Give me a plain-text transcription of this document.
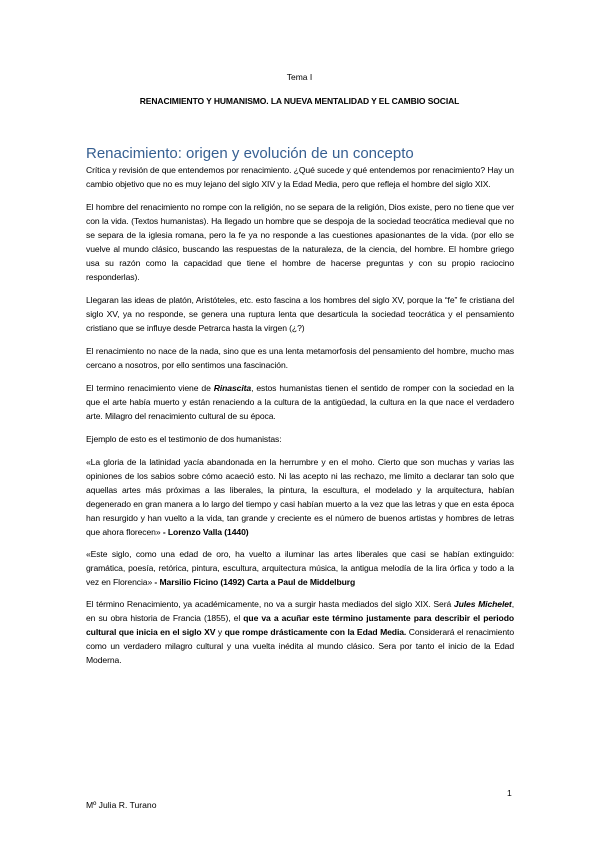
Tema I
RENACIMIENTO Y HUMANISMO. LA NUEVA MENTALIDAD Y EL CAMBIO SOCIAL
Renacimiento: origen y evolución de un concepto

Crítica y revisión de que entendemos por renacimiento. ¿Qué sucede y qué entendemos por renacimiento? Hay un cambio objetivo que no es muy lejano del siglo XIV y la Edad Media, pero que refleja el hombre del siglo XIX.

El hombre del renacimiento no rompe con la religión, no se separa de la religión, Dios existe, pero no tiene que ver con la vida. (Textos humanistas). Ha llegado un hombre que se despoja de la sociedad teocrática medieval que no se separa de la iglesia romana, pero la fe ya no responde a las cuestiones apasionantes de la vida. (por ello se vuelve al mundo clásico, buscando las respuestas de la naturaleza, de la ciencia, del hombre. El hombre griego usa su razón como la capacidad que tiene el hombre de hacerse preguntas y con su propio raciocino responderlas).

Llegaran las ideas de platón, Aristóteles, etc. esto fascina a los hombres del siglo XV, porque la “fe” fe cristiana del siglo XV, ya no responde, se genera una ruptura lenta que desarticula la sociedad teocrática y el pensamiento cristiano que se influye desde Petrarca hasta la virgen (¿?)

El renacimiento no nace de la nada, sino que es una lenta metamorfosis del pensamiento del hombre, mucho mas cercano a nosotros, por ello sentimos una fascinación.

El termino renacimiento viene de Rinascita, estos humanistas tienen el sentido de romper con la sociedad en la que el arte había muerto y están renaciendo a la cultura de la antigüedad, la cultura en la que nace el verdadero arte. Milagro del renacimiento cultural de su época.

Ejemplo de esto es el testimonio de dos humanistas:

«La gloria de la latinidad yacía abandonada en la herrumbre y en el moho. Cierto que son muchas y varias las opiniones de los sabios sobre cómo acaeció esto. Ni las acepto ni las rechazo, me limito a declarar tan solo que aquellas artes más próximas a las liberales, la pintura, la escultura, el modelado y la arquitectura, habían degenerado en gran manera a lo largo del tiempo y casi habían muerto a la vez que las letras y que en esta época han resurgido y han vuelto a la vida, tan grande y creciente es el número de buenos artistas y hombres de letras que ahora florecen» - Lorenzo Valla (1440)

«Este siglo, como una edad de oro, ha vuelto a iluminar las artes liberales que casi se habían extinguido: gramática, poesía, retórica, pintura, escultura, arquitectura música, la antigua melodía de la lira órfica y todo a la vez en Florencia» - Marsilio Ficino (1492) Carta a Paul de Middelburg

El término Renacimiento, ya académicamente, no va a surgir hasta mediados del siglo XIX. Será Jules Michelet, en su obra historia de Francia (1855), el que va a acuñar este término justamente para describir el periodo cultural que inicia en el siglo XV y que rompe drásticamente con la Edad Media. Considerará el renacimiento como un verdadero milagro cultural y una vuelta inédita al mundo clásico. Sera por tanto el inicio de la Edad Moderna.

1
Mº Julia R. Turano
